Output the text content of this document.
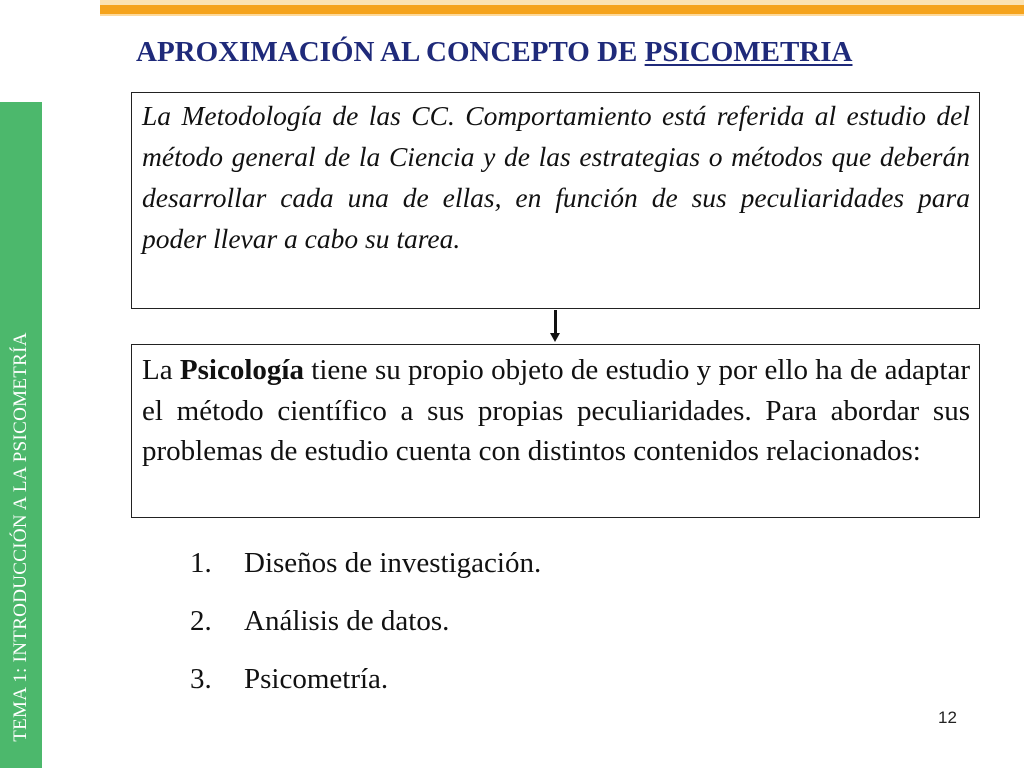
TEMA 1: INTRODUCCIÓN A LA PSICOMETRÍA
APROXIMACIÓN AL CONCEPTO DE PSICOMETRIA
La Metodología de las CC. Comportamiento está referida al estudio del método general de la Ciencia y de las estrategias o métodos que deberán desarrollar cada una de ellas, en función de sus peculiaridades para poder llevar a cabo su tarea.
La Psicología tiene su propio objeto de estudio y por ello ha de adaptar el método científico a sus propias peculiaridades. Para abordar sus problemas de estudio cuenta con distintos contenidos relacionados:
1. Diseños de investigación.
2. Análisis de datos.
3. Psicometría.
12
